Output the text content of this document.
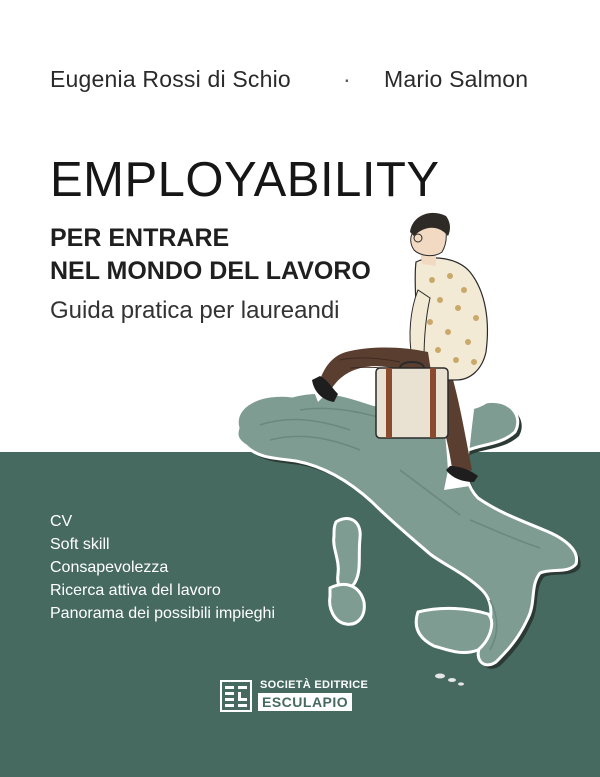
Eugenia Rossi di Schio · Mario Salmon
EMPLOYABILITY
PER ENTRARE
NEL MONDO DEL LAVORO
Guida pratica per laureandi
CV
Soft skill
Consapevolezza
Ricerca attiva del lavoro
Panorama dei possibili impieghi
SOCIETÀ EDITRICE
ESCULAPIO
